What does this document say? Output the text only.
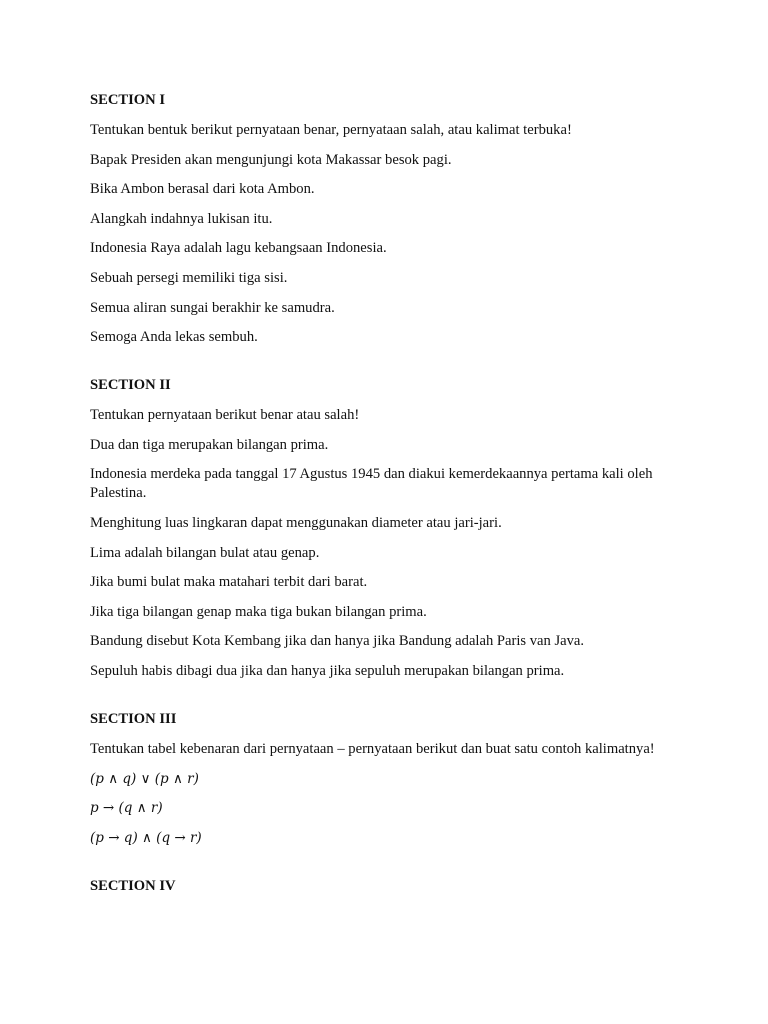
SECTION I
Tentukan bentuk berikut pernyataan benar, pernyataan salah, atau kalimat terbuka!
Bapak Presiden akan mengunjungi kota Makassar besok pagi.
Bika Ambon berasal dari kota Ambon.
Alangkah indahnya lukisan itu.
Indonesia Raya adalah lagu kebangsaan Indonesia.
Sebuah persegi memiliki tiga sisi.
Semua aliran sungai berakhir ke samudra.
Semoga Anda lekas sembuh.
SECTION II
Tentukan pernyataan berikut benar atau salah!
Dua dan tiga merupakan bilangan prima.
Indonesia merdeka pada tanggal 17 Agustus 1945 dan diakui kemerdekaannya pertama kali oleh Palestina.
Menghitung luas lingkaran dapat menggunakan diameter atau jari-jari.
Lima adalah bilangan bulat atau genap.
Jika bumi bulat maka matahari terbit dari barat.
Jika tiga bilangan genap maka tiga bukan bilangan prima.
Bandung disebut Kota Kembang jika dan hanya jika Bandung adalah Paris van Java.
Sepuluh habis dibagi dua jika dan hanya jika sepuluh merupakan bilangan prima.
SECTION III
Tentukan tabel kebenaran dari pernyataan – pernyataan berikut dan buat satu contoh kalimatnya!
(p ∧ q) ∨ (p ∧ r)
p → (q ∧ r)
(p → q) ∧ (q → r)
SECTION IV
